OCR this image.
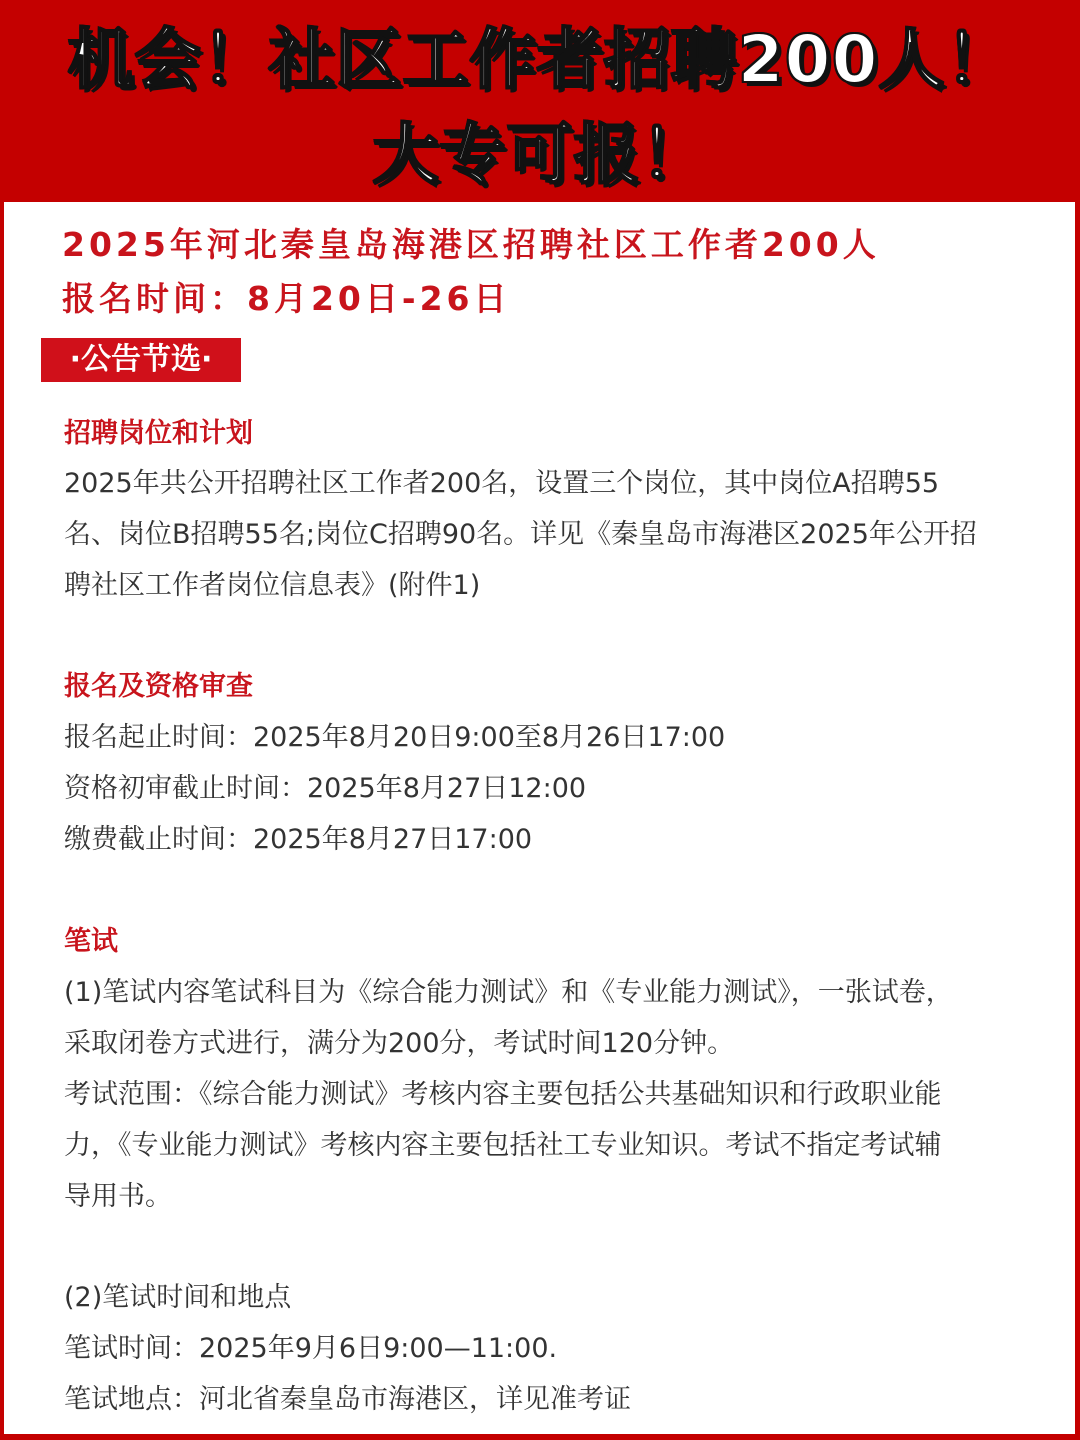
机会！社区工作者招聘200人！
大专可报！
2025年河北秦皇岛海港区招聘社区工作者200人
报名时间：8月20日-26日
·公告节选·
招聘岗位和计划
2025年共公开招聘社区工作者200名，设置三个岗位，其中岗位A招聘55
名、岗位B招聘55名;岗位C招聘90名。详见《秦皇岛市海港区2025年公开招
聘社区工作者岗位信息表》(附件1)
报名及资格审查
报名起止时间：2025年8月20日9:00至8月26日17:00
资格初审截止时间：2025年8月27日12:00
缴费截止时间：2025年8月27日17:00
笔试
(1)笔试内容笔试科目为《综合能力测试》和《专业能力测试》，一张试卷，
采取闭卷方式进行，满分为200分，考试时间120分钟。
考试范围：《综合能力测试》考核内容主要包括公共基础知识和行政职业能
力，《专业能力测试》考核内容主要包括社工专业知识。考试不指定考试辅
导用书。
(2)笔试时间和地点
笔试时间：2025年9月6日9:00—11:00.
笔试地点：河北省秦皇岛市海港区，详见准考证
